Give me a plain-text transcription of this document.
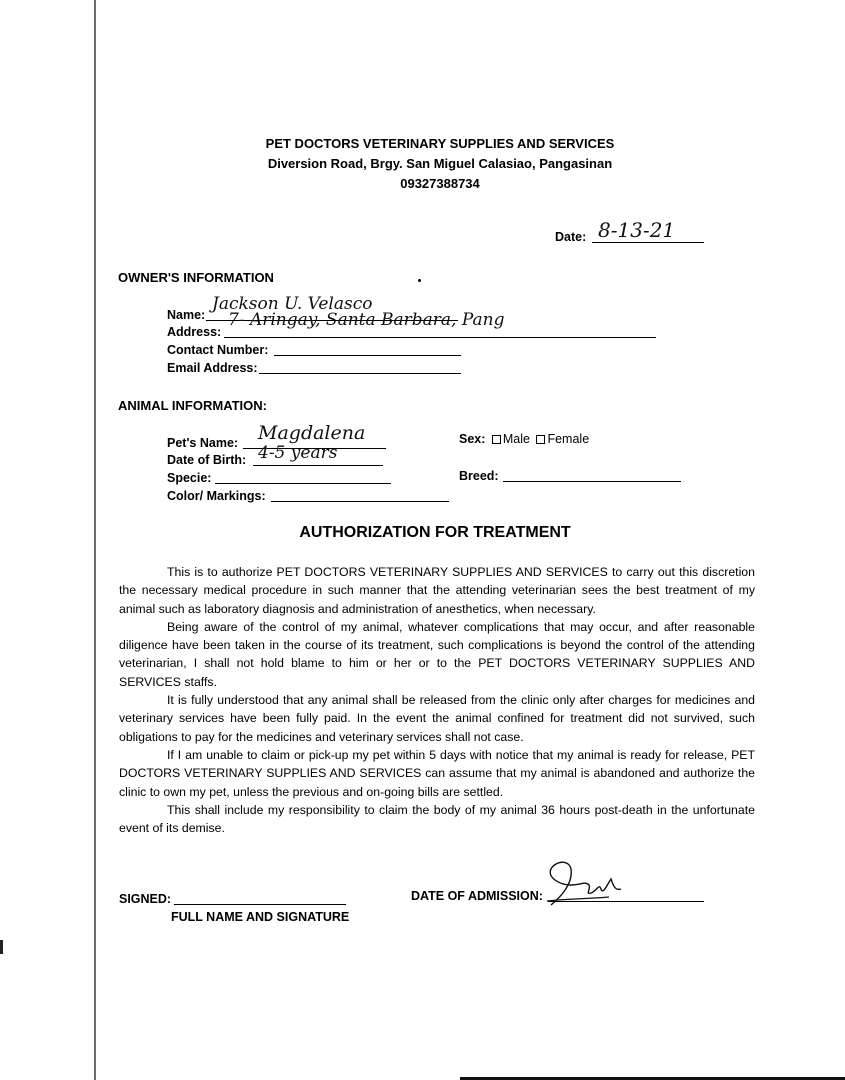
PET DOCTORS VETERINARY SUPPLIES AND SERVICES
Diversion Road, Brgy. San Miguel Calasiao, Pangasinan
09327388734
Date: 8-13-21
OWNER'S INFORMATION
Name:
Jackson U. Velasco
Address:
7- Aringay, Santa Barbara, Pang
Contact Number:
Email Address:
ANIMAL INFORMATION:
Pet's Name: Magdalena
Date of Birth: 4-5 years
Specie:
Color/ Markings:
Sex: Male Female
Breed:
AUTHORIZATION FOR TREATMENT

This is to authorize PET DOCTORS VETERINARY SUPPLIES AND SERVICES to carry out this discretion the necessary medical procedure in such manner that the attending veterinarian sees the best treatment of my animal such as laboratory diagnosis and administration of anesthetics, when necessary.

Being aware of the control of my animal, whatever complications that may occur, and after reasonable diligence have been taken in the course of its treatment, such complications is beyond the control of the attending veterinarian, I shall not hold blame to him or her or to the PET DOCTORS VETERINARY SUPPLIES AND SERVICES staffs.

It is fully understood that any animal shall be released from the clinic only after charges for medicines and veterinary services have been fully paid. In the event the animal confined for treatment did not survived, such obligations to pay for the medicines and veterinary services shall not case.

If I am unable to claim or pick-up my pet within 5 days with notice that my animal is ready for release, PET DOCTORS VETERINARY SUPPLIES AND SERVICES can assume that my animal is abandoned and authorize the clinic to own my pet, unless the previous and on-going bills are settled.

This shall include my responsibility to claim the body of my animal 36 hours post-death in the unfortunate event of its demise.

SIGNED:
FULL NAME AND SIGNATURE
DATE OF ADMISSION:
